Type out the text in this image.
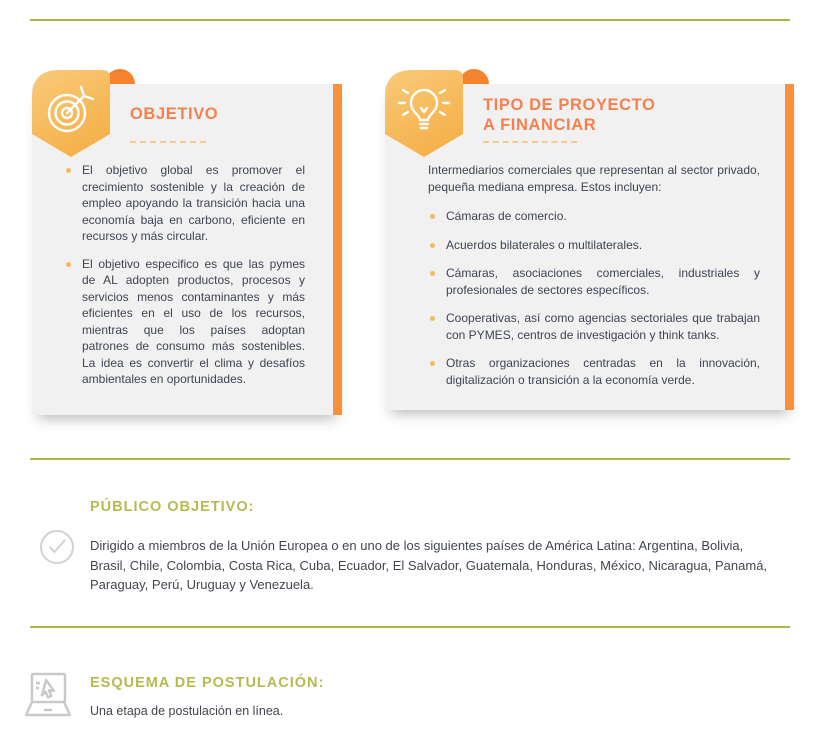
OBJETIVO
El objetivo global es promover el crecimiento sostenible y la creación de empleo apoyando la transición hacia una economía baja en carbono, eficiente en recursos y más circular.
El objetivo especifico es que las pymes de AL adopten productos, procesos y servicios menos contaminantes y más eficientes en el uso de los recursos, mientras que los países adoptan patrones de consumo más sostenibles. La idea es convertir el clima y desafíos ambientales en oportunidades.
TIPO DE PROYECTO
A FINANCIAR

Intermediarios comerciales que representan al sector privado, pequeña mediana empresa. Estos incluyen:

Cámaras de comercio.
Acuerdos bilaterales o multilaterales.
Cámaras, asociaciones comerciales, industriales y profesionales de sectores específicos.
Cooperativas, así como agencias sectoriales que trabajan con PYMES, centros de investigación y think tanks.
Otras organizaciones centradas en la innovación, digitalización o transición a la economía verde.
PÚBLICO OBJETIVO:
Dirigido a miembros de la Unión Europea o en uno de los siguientes países de América Latina: Argentina, Bolivia, Brasil, Chile, Colombia, Costa Rica, Cuba, Ecuador, El Salvador, Guatemala, Honduras, México, Nicaragua, Panamá, Paraguay, Perú, Uruguay y Venezuela.
ESQUEMA DE POSTULACIÓN:
Una etapa de postulación en línea.
